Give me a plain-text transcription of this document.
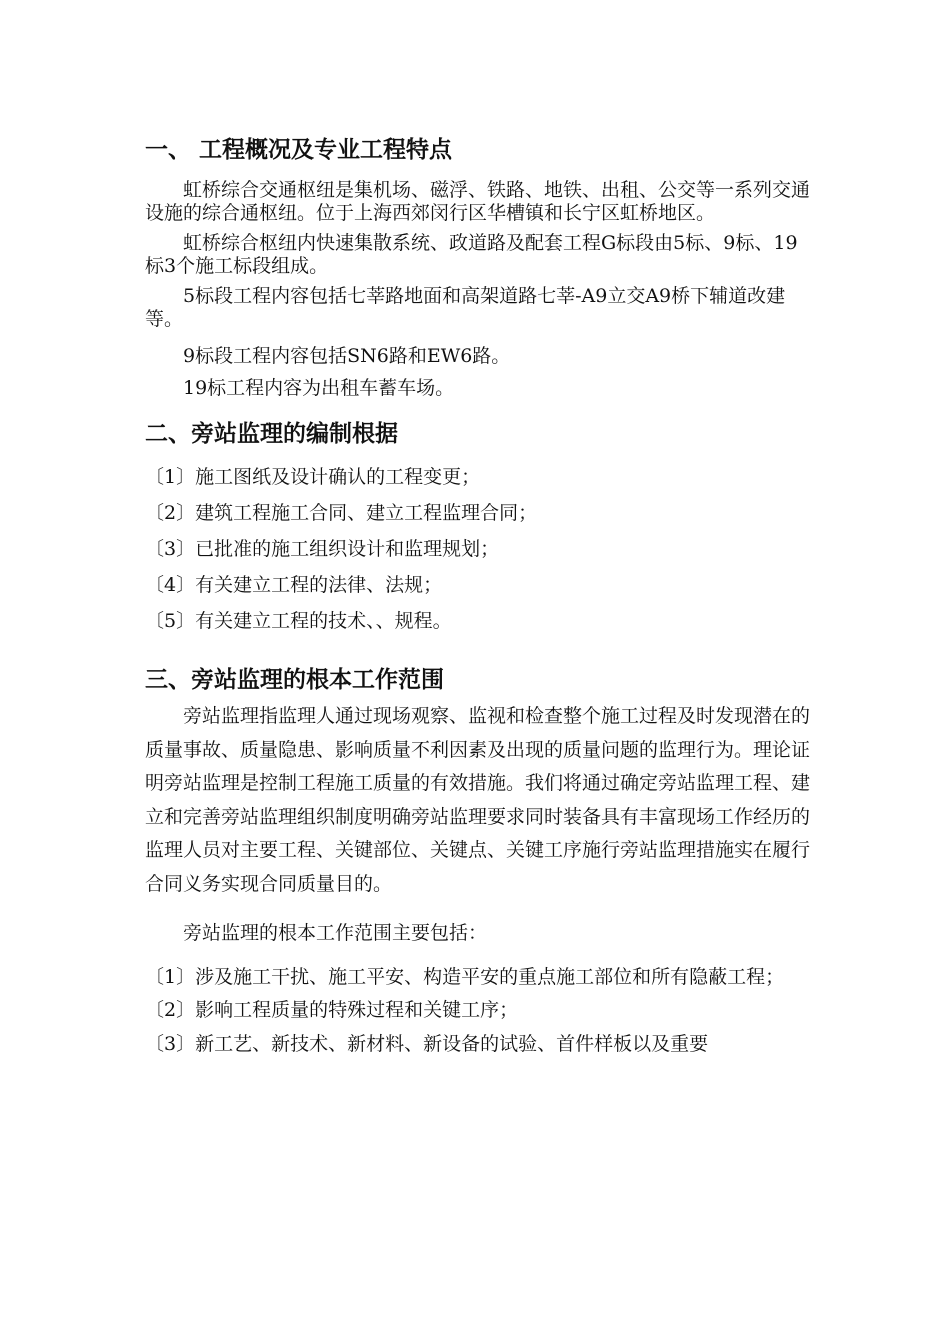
一、 工程概况及专业工程特点

虹桥综合交通枢纽是集机场、磁浮、铁路、地铁、出租、公交等一系列交通设施的综合通枢纽。位于上海西郊闵行区华槽镇和长宁区虹桥地区。

虹桥综合枢纽内快速集散系统、政道路及配套工程G标段由5标、9标、19标3个施工标段组成。

5标段工程内容包括七莘路地面和高架道路七莘-A9立交A9桥下辅道改建等。

9标段工程内容包括SN6路和EW6路。

19标工程内容为出租车蓄车场。

二、旁站监理的编制根据

〔1〕施工图纸及设计确认的工程变更；

〔2〕建筑工程施工合同、建立工程监理合同；

〔3〕已批准的施工组织设计和监理规划；

〔4〕有关建立工程的法律、法规；

〔5〕有关建立工程的技术、、规程。

三、旁站监理的根本工作范围

旁站监理指监理人通过现场观察、监视和检查整个施工过程及时发现潜在的质量事故、质量隐患、影响质量不利因素及出现的质量问题的监理行为。理论证明旁站监理是控制工程施工质量的有效措施。我们将通过确定旁站监理工程、建立和完善旁站监理组织制度明确旁站监理要求同时装备具有丰富现场工作经历的监理人员对主要工程、关键部位、关键点、关键工序施行旁站监理措施实在履行合同义务实现合同质量目的。

旁站监理的根本工作范围主要包括：

〔1〕涉及施工干扰、施工平安、构造平安的重点施工部位和所有隐蔽工程；

〔2〕影响工程质量的特殊过程和关键工序；

〔3〕新工艺、新技术、新材料、新设备的试验、首件样板以及重要
